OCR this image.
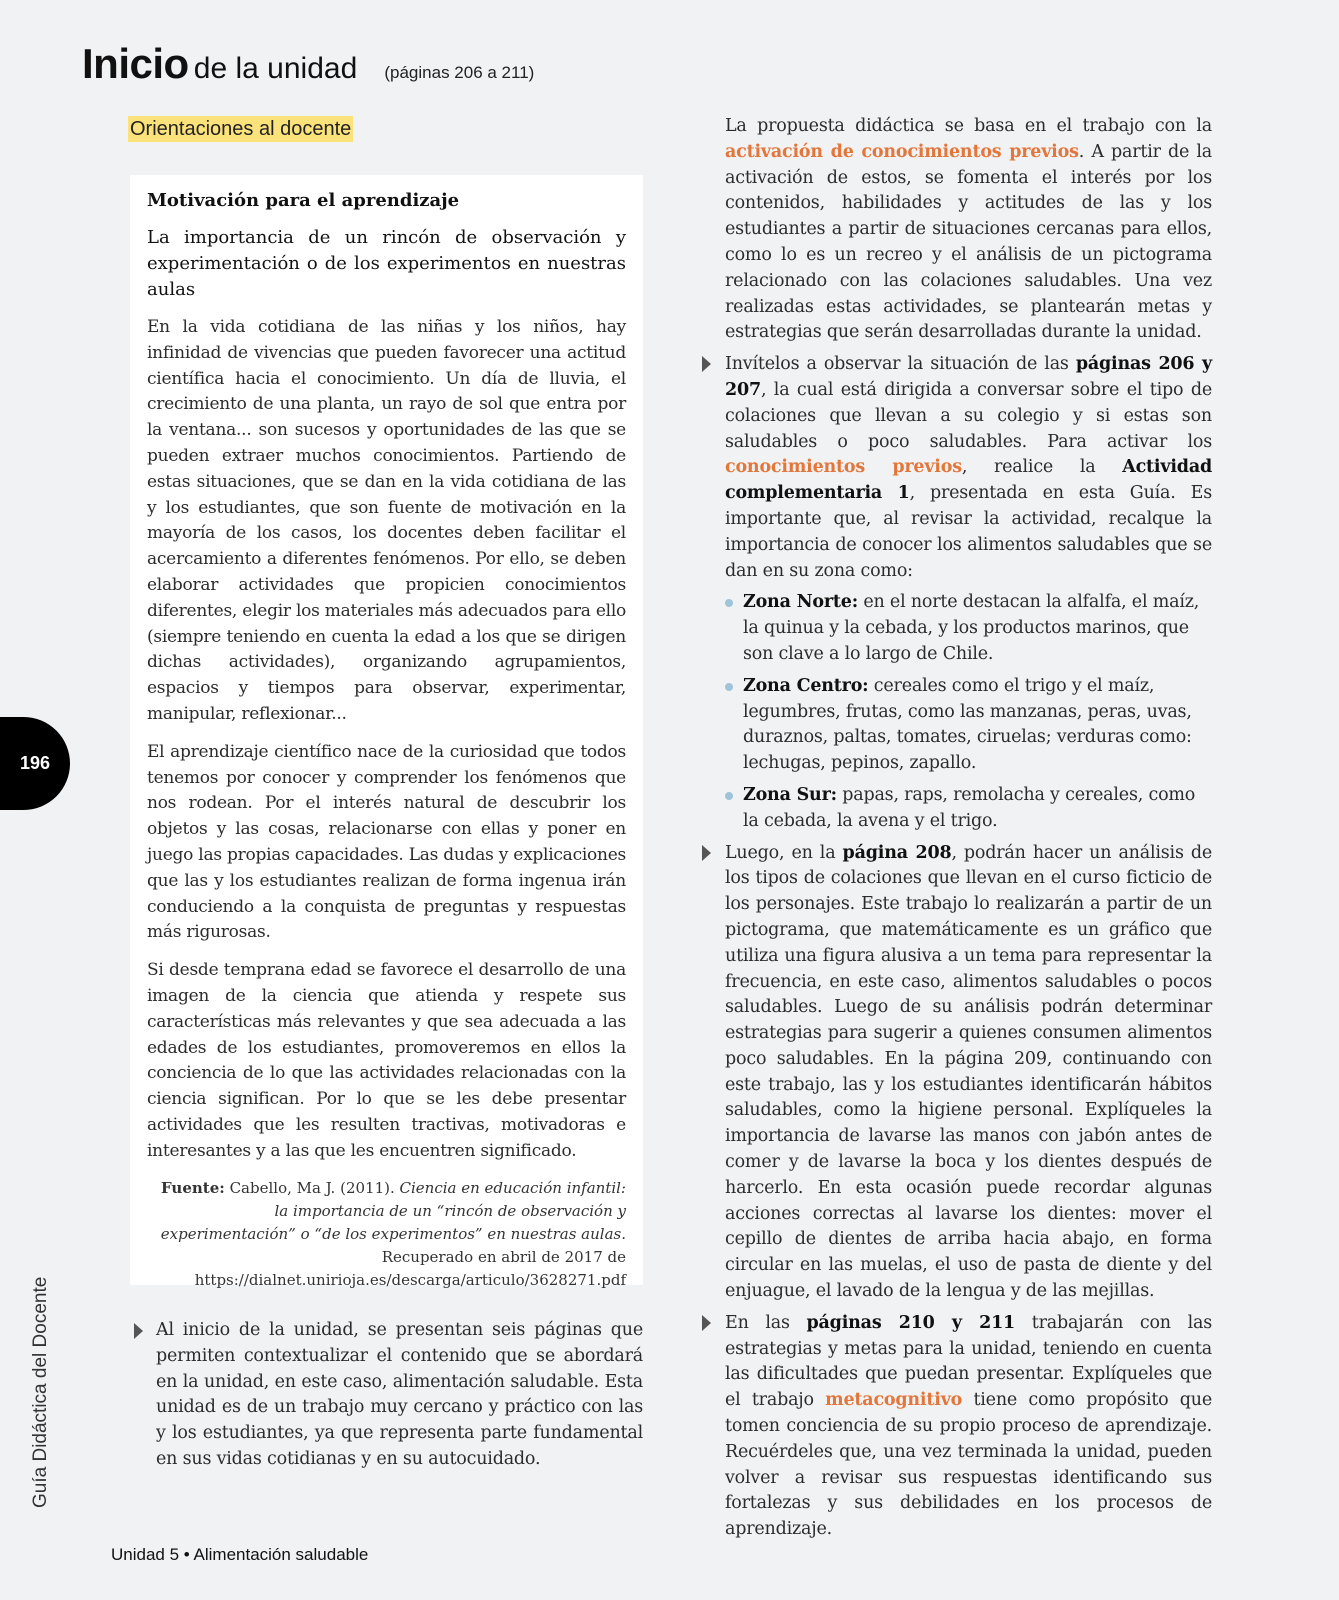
Inicio de la unidad (páginas 206 a 211)
Orientaciones al docente
Motivación para el aprendizaje
La importancia de un rincón de observación y experimentación o de los experimentos en nuestras aulas

En la vida cotidiana de las niñas y los niños, hay infinidad de vivencias que pueden favorecer una actitud científica hacia el conocimiento. Un día de lluvia, el crecimiento de una planta, un rayo de sol que entra por la ventana... son sucesos y oportunidades de las que se pueden extraer muchos conocimientos. Partiendo de estas situaciones, que se dan en la vida cotidiana de las y los estudiantes, que son fuente de motivación en la mayoría de los casos, los docentes deben facilitar el acercamiento a diferentes fenómenos. Por ello, se deben elaborar actividades que propicien conocimientos diferentes, elegir los materiales más adecuados para ello (siempre teniendo en cuenta la edad a los que se dirigen dichas actividades), organizando agrupamientos, espacios y tiempos para observar, experimentar, manipular, reflexionar...

El aprendizaje científico nace de la curiosidad que todos tenemos por conocer y comprender los fenómenos que nos rodean. Por el interés natural de descubrir los objetos y las cosas, relacionarse con ellas y poner en juego las propias capacidades. Las dudas y explicaciones que las y los estudiantes realizan de forma ingenua irán conduciendo a la conquista de preguntas y respuestas más rigurosas.

Si desde temprana edad se favorece el desarrollo de una imagen de la ciencia que atienda y respete sus características más relevantes y que sea adecuada a las edades de los estudiantes, promoveremos en ellos la conciencia de lo que las actividades relacionadas con la ciencia significan. Por lo que se les debe presentar actividades que les resulten tractivas, motivadoras e interesantes y a las que les encuentren significado.

Fuente: Cabello, Ma J. (2011). Ciencia en educación infantil: la importancia de un “rincón de observación y experimentación” o “de los experimentos” en nuestras aulas. Recuperado en abril de 2017 de https://dialnet.unirioja.es/descarga/articulo/3628271.pdf

Al inicio de la unidad, se presentan seis páginas que permiten contextualizar el contenido que se abordará en la unidad, en este caso, alimentación saludable. Esta unidad es de un trabajo muy cercano y práctico con las y los estudiantes, ya que representa parte fundamental en sus vidas cotidianas y en su autocuidado.

La propuesta didáctica se basa en el trabajo con la activación de conocimientos previos. A partir de la activación de estos, se fomenta el interés por los contenidos, habilidades y actitudes de las y los estudiantes a partir de situaciones cercanas para ellos, como lo es un recreo y el análisis de un pictograma relacionado con las colaciones saludables. Una vez realizadas estas actividades, se plantearán metas y estrategias que serán desarrolladas durante la unidad.

Invítelos a observar la situación de las páginas 206 y 207, la cual está dirigida a conversar sobre el tipo de colaciones que llevan a su colegio y si estas son saludables o poco saludables. Para activar los conocimientos previos, realice la Actividad complementaria 1, presentada en esta Guía. Es importante que, al revisar la actividad, recalque la importancia de conocer los alimentos saludables que se dan en su zona como:

Zona Norte: en el norte destacan la alfalfa, el maíz, la quinua y la cebada, y los productos marinos, que son clave a lo largo de Chile.
Zona Centro: cereales como el trigo y el maíz, legumbres, frutas, como las manzanas, peras, uvas, duraznos, paltas, tomates, ciruelas; verduras como: lechugas, pepinos, zapallo.
Zona Sur: papas, raps, remolacha y cereales, como la cebada, la avena y el trigo.

Luego, en la página 208, podrán hacer un análisis de los tipos de colaciones que llevan en el curso ficticio de los personajes. Este trabajo lo realizarán a partir de un pictograma, que matemáticamente es un gráfico que utiliza una figura alusiva a un tema para representar la frecuencia, en este caso, alimentos saludables o pocos saludables. Luego de su análisis podrán determinar estrategias para sugerir a quienes consumen alimentos poco saludables. En la página 209, continuando con este trabajo, las y los estudiantes identificarán hábitos saludables, como la higiene personal. Explíqueles la importancia de lavarse las manos con jabón antes de comer y de lavarse la boca y los dientes después de harcerlo. En esta ocasión puede recordar algunas acciones correctas al lavarse los dientes: mover el cepillo de dientes de arriba hacia abajo, en forma circular en las muelas, el uso de pasta de diente y del enjuague, el lavado de la lengua y de las mejillas.

En las páginas 210 y 211 trabajarán con las estrategias y metas para la unidad, teniendo en cuenta las dificultades que puedan presentar. Explíqueles que el trabajo metacognitivo tiene como propósito que tomen conciencia de su propio proceso de aprendizaje. Recuérdeles que, una vez terminada la unidad, pueden volver a revisar sus respuestas identificando sus fortalezas y sus debilidades en los procesos de aprendizaje.

196
Guía Didáctica del Docente
Unidad 5 • Alimentación saludable
